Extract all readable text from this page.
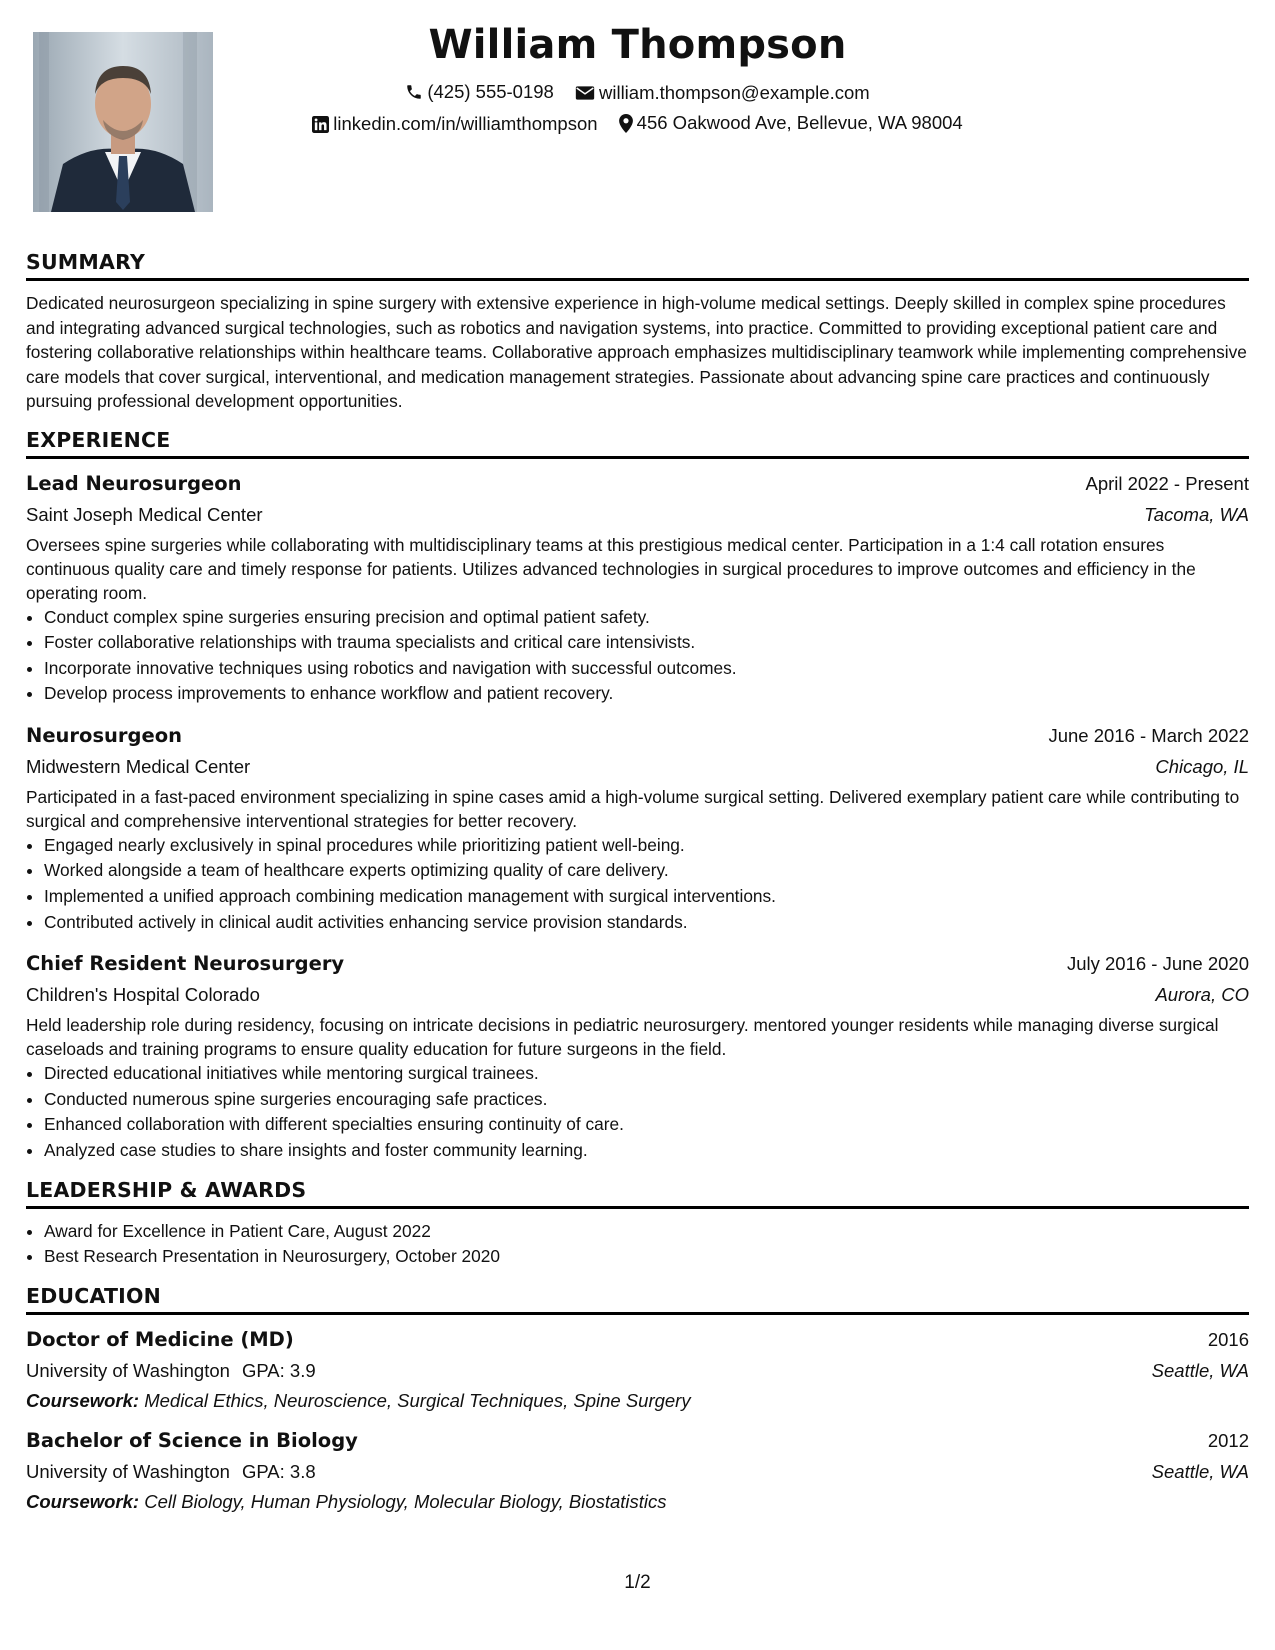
William Thompson
(425) 555-0198
william.thompson@example.com
linkedin.com/in/williamthompson
456 Oakwood Ave, Bellevue, WA 98004
SUMMARY

Dedicated neurosurgeon specializing in spine surgery with extensive experience in high-volume medical settings. Deeply skilled in complex spine procedures and integrating advanced surgical technologies, such as robotics and navigation systems, into practice. Committed to providing exceptional patient care and fostering collaborative relationships within healthcare teams. Collaborative approach emphasizes multidisciplinary teamwork while implementing comprehensive care models that cover surgical, interventional, and medication management strategies. Passionate about advancing spine care practices and continuously pursuing professional development opportunities.

EXPERIENCE
Lead Neurosurgeon	April 2022 - Present
Saint Joseph Medical Center	Tacoma, WA

Oversees spine surgeries while collaborating with multidisciplinary teams at this prestigious medical center. Participation in a 1:4 call rotation ensures continuous quality care and timely response for patients. Utilizes advanced technologies in surgical procedures to improve outcomes and efficiency in the operating room.

• Conduct complex spine surgeries ensuring precision and optimal patient safety.
• Foster collaborative relationships with trauma specialists and critical care intensivists.
• Incorporate innovative techniques using robotics and navigation with successful outcomes.
• Develop process improvements to enhance workflow and patient recovery.
Neurosurgeon	June 2016 - March 2022
Midwestern Medical Center	Chicago, IL

Participated in a fast-paced environment specializing in spine cases amid a high-volume surgical setting. Delivered exemplary patient care while contributing to surgical and comprehensive interventional strategies for better recovery.

• Engaged nearly exclusively in spinal procedures while prioritizing patient well-being.
• Worked alongside a team of healthcare experts optimizing quality of care delivery.
• Implemented a unified approach combining medication management with surgical interventions.
• Contributed actively in clinical audit activities enhancing service provision standards.
Chief Resident Neurosurgery	July 2016 - June 2020
Children's Hospital Colorado	Aurora, CO

Held leadership role during residency, focusing on intricate decisions in pediatric neurosurgery. mentored younger residents while managing diverse surgical caseloads and training programs to ensure quality education for future surgeons in the field.

• Directed educational initiatives while mentoring surgical trainees.
• Conducted numerous spine surgeries encouraging safe practices.
• Enhanced collaboration with different specialties ensuring continuity of care.
• Analyzed case studies to share insights and foster community learning.
LEADERSHIP & AWARDS
• Award for Excellence in Patient Care, August 2022
• Best Research Presentation in Neurosurgery, October 2020
EDUCATION
Doctor of Medicine (MD)	2016
University of Washington GPA: 3.9	Seattle, WA
Coursework: Medical Ethics, Neuroscience, Surgical Techniques, Spine Surgery
Bachelor of Science in Biology	2012
University of Washington GPA: 3.8	Seattle, WA
Coursework: Cell Biology, Human Physiology, Molecular Biology, Biostatistics
1/2
